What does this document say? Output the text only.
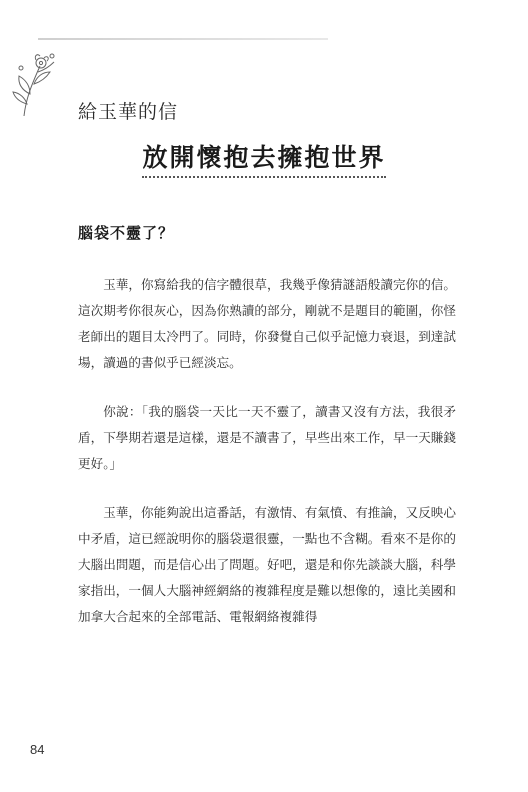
給玉華的信
放開懷抱去擁抱世界
腦袋不靈了？

玉華，你寫給我的信字體很草，我幾乎像猜謎語般讀完你的信。這次期考你很灰心，因為你熟讀的部分，剛就不是題目的範圍，你怪老師出的題目太冷門了。同時，你發覺自己似乎記憶力衰退，到達試場，讀過的書似乎已經淡忘。

你說：「我的腦袋一天比一天不靈了，讀書又沒有方法，我很矛盾，下學期若還是這樣，還是不讀書了，早些出來工作，早一天賺錢更好。」

玉華，你能夠說出這番話，有激情、有氣憤、有推論，又反映心中矛盾，這已經說明你的腦袋還很靈，一點也不含糊。看來不是你的大腦出問題，而是信心出了問題。好吧，還是和你先談談大腦，科學家指出，一個人大腦神經網絡的複雜程度是難以想像的，遠比美國和加拿大合起來的全部電話、電報網絡複雜得

84
